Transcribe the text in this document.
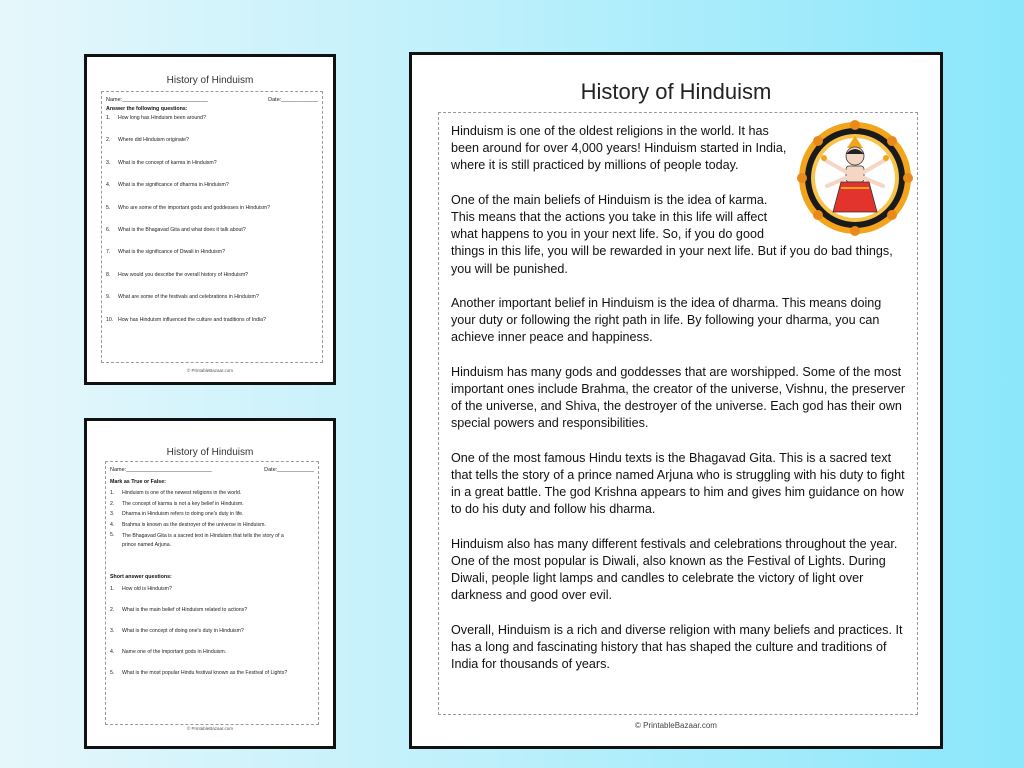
History of Hinduism
Name:____________________________	Date:____________
Answer the following questions:
1.	How long has Hinduism been around?
2.	Where did Hinduism originate?
3.	What is the concept of karma in Hinduism?
4.	What is the significance of dharma in Hinduism?
5.	Who are some of the important gods and goddesses in Hinduism?
6.	What is the Bhagavad Gita and what does it talk about?
7.	What is the significance of Diwali in Hinduism?
8.	How would you describe the overall history of Hinduism?
9.	What are some of the festivals and celebrations in Hinduism?
10. How has Hinduism influenced the culture and traditions of India?
© PrintableBazaar.com
History of Hinduism
Name:____________________________	Date:____________
Mark as True or False:
1.	Hinduism is one of the newest religions in the world.
2.	The concept of karma is not a key belief in Hinduism.
3.	Dharma in Hinduism refers to doing one's duty in life.
4.	Brahma is known as the destroyer of the universe in Hinduism.
5.	The Bhagavad Gita is a sacred text in Hinduism that tells the story of a prince named Arjuna.
Short answer questions:
1.	How old is Hinduism?
2.	What is the main belief of Hinduism related to actions?
3.	What is the concept of doing one's duty in Hinduism?
4.	Name one of the important gods in Hinduism.
5.	What is the most popular Hindu festival known as the Festival of Lights?
© PrintableBazaar.com
History of Hinduism

Hinduism is one of the oldest religions in the world. It has been around for over 4,000 years! Hinduism started in India, where it is still practiced by millions of people today.

One of the main beliefs of Hinduism is the idea of karma. This means that the actions you take in this life will affect what happens to you in your next life. So, if you do good things in this life, you will be rewarded in your next life. But if you do bad things, you will be punished.

Another important belief in Hinduism is the idea of dharma. This means doing your duty or following the right path in life. By following your dharma, you can achieve inner peace and happiness.

Hinduism has many gods and goddesses that are worshipped. Some of the most important ones include Brahma, the creator of the universe, Vishnu, the preserver of the universe, and Shiva, the destroyer of the universe. Each god has their own special powers and responsibilities.

One of the most famous Hindu texts is the Bhagavad Gita. This is a sacred text that tells the story of a prince named Arjuna who is struggling with his duty to fight in a great battle. The god Krishna appears to him and gives him guidance on how to do his duty and follow his dharma.

Hinduism also has many different festivals and celebrations throughout the year. One of the most popular is Diwali, also known as the Festival of Lights. During Diwali, people light lamps and candles to celebrate the victory of light over darkness and good over evil.

Overall, Hinduism is a rich and diverse religion with many beliefs and practices. It has a long and fascinating history that has shaped the culture and traditions of India for thousands of years.

© PrintableBazaar.com
